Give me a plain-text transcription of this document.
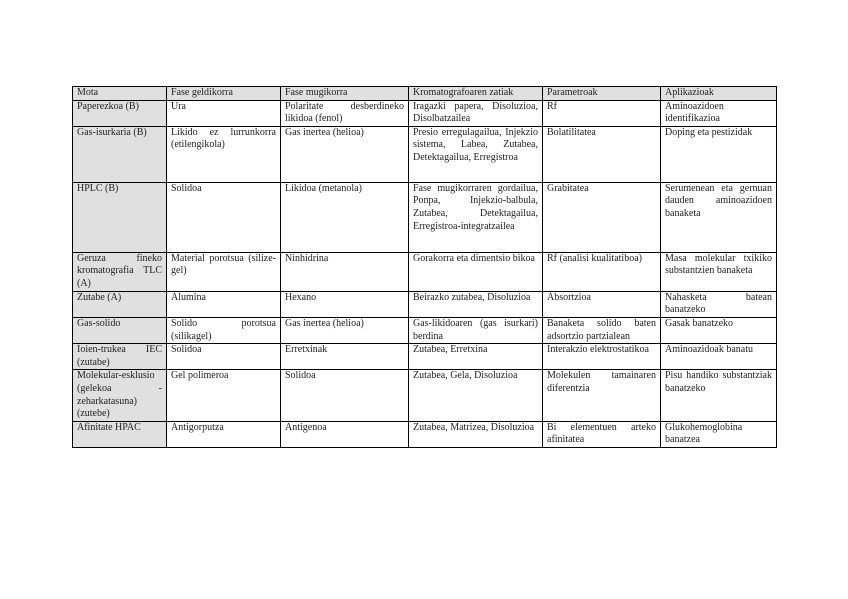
Mota	Fase geldikorra	Fase mugikorra	Kromatografoaren zatiak	Parametroak	Aplikazioak
Paperezkoa (B)	Ura	Polaritate desberdineko likidoa (fenol)	Iragazki papera, Disoluzioa, Disolbatzailea	Rf	Aminoazidoen identifikazioa
Gas-isurkaria (B)	Likido ez lurrunkorra (etilengikola)	Gas inertea (helioa)	Presio erregulagailua, Injekzio sistema, Labea, Zutabea, Detektagailua, Erregistroa	Bolatilitatea	Doping eta pestizidak
HPLC (B)	Solidoa	Likidoa (metanola)	Fase mugikorraren gordailua, Ponpa, Injekzio-balbula, Zutabea, Detektagailua, Erregistroa-integratzailea	Grabitatea	Serumenean eta gernuan dauden aminoazidoen banaketa
Geruza fineko kromatografia TLC (A)	Material porotsua (silize-gel)	Ninhidrina	Gorakorra eta dimentsio bikoa	Rf (analisi kualitatiboa)	Masa molekular txikiko substantzien banaketa
Zutabe (A)	Alumina	Hexano	Beirazko zutabea, Disoluzioa	Absortzioa	Nahasketa batean banatzeko
Gas-solido	Solido porotsua (silikagel)	Gas inertea (helioa)	Gas-likidoaren (gas isurkari) berdina	Banaketa solido baten adsortzio partzialean	Gasak banatzeko
Ioien-trukea IEC (zutabe)	Solidoa	Erretxinak	Zutabea, Erretxina	Interakzio elektrostatikoa	Aminoazidoak banatu
Molekular-esklusio (gelekoa - zeharkatasuna) (zutebe)	Gel polimeroa	Solidoa	Zutabea, Gela, Disoluzioa	Molekulen tamainaren diferentzia	Pisu handiko substantziak banatzeko
Afinitate HPAC	Antigorputza	Antigenoa	Zutabea, Matrizea, Disoluzioa	Bi elementuen arteko afinitatea	Glukohemoglobina banatzea
